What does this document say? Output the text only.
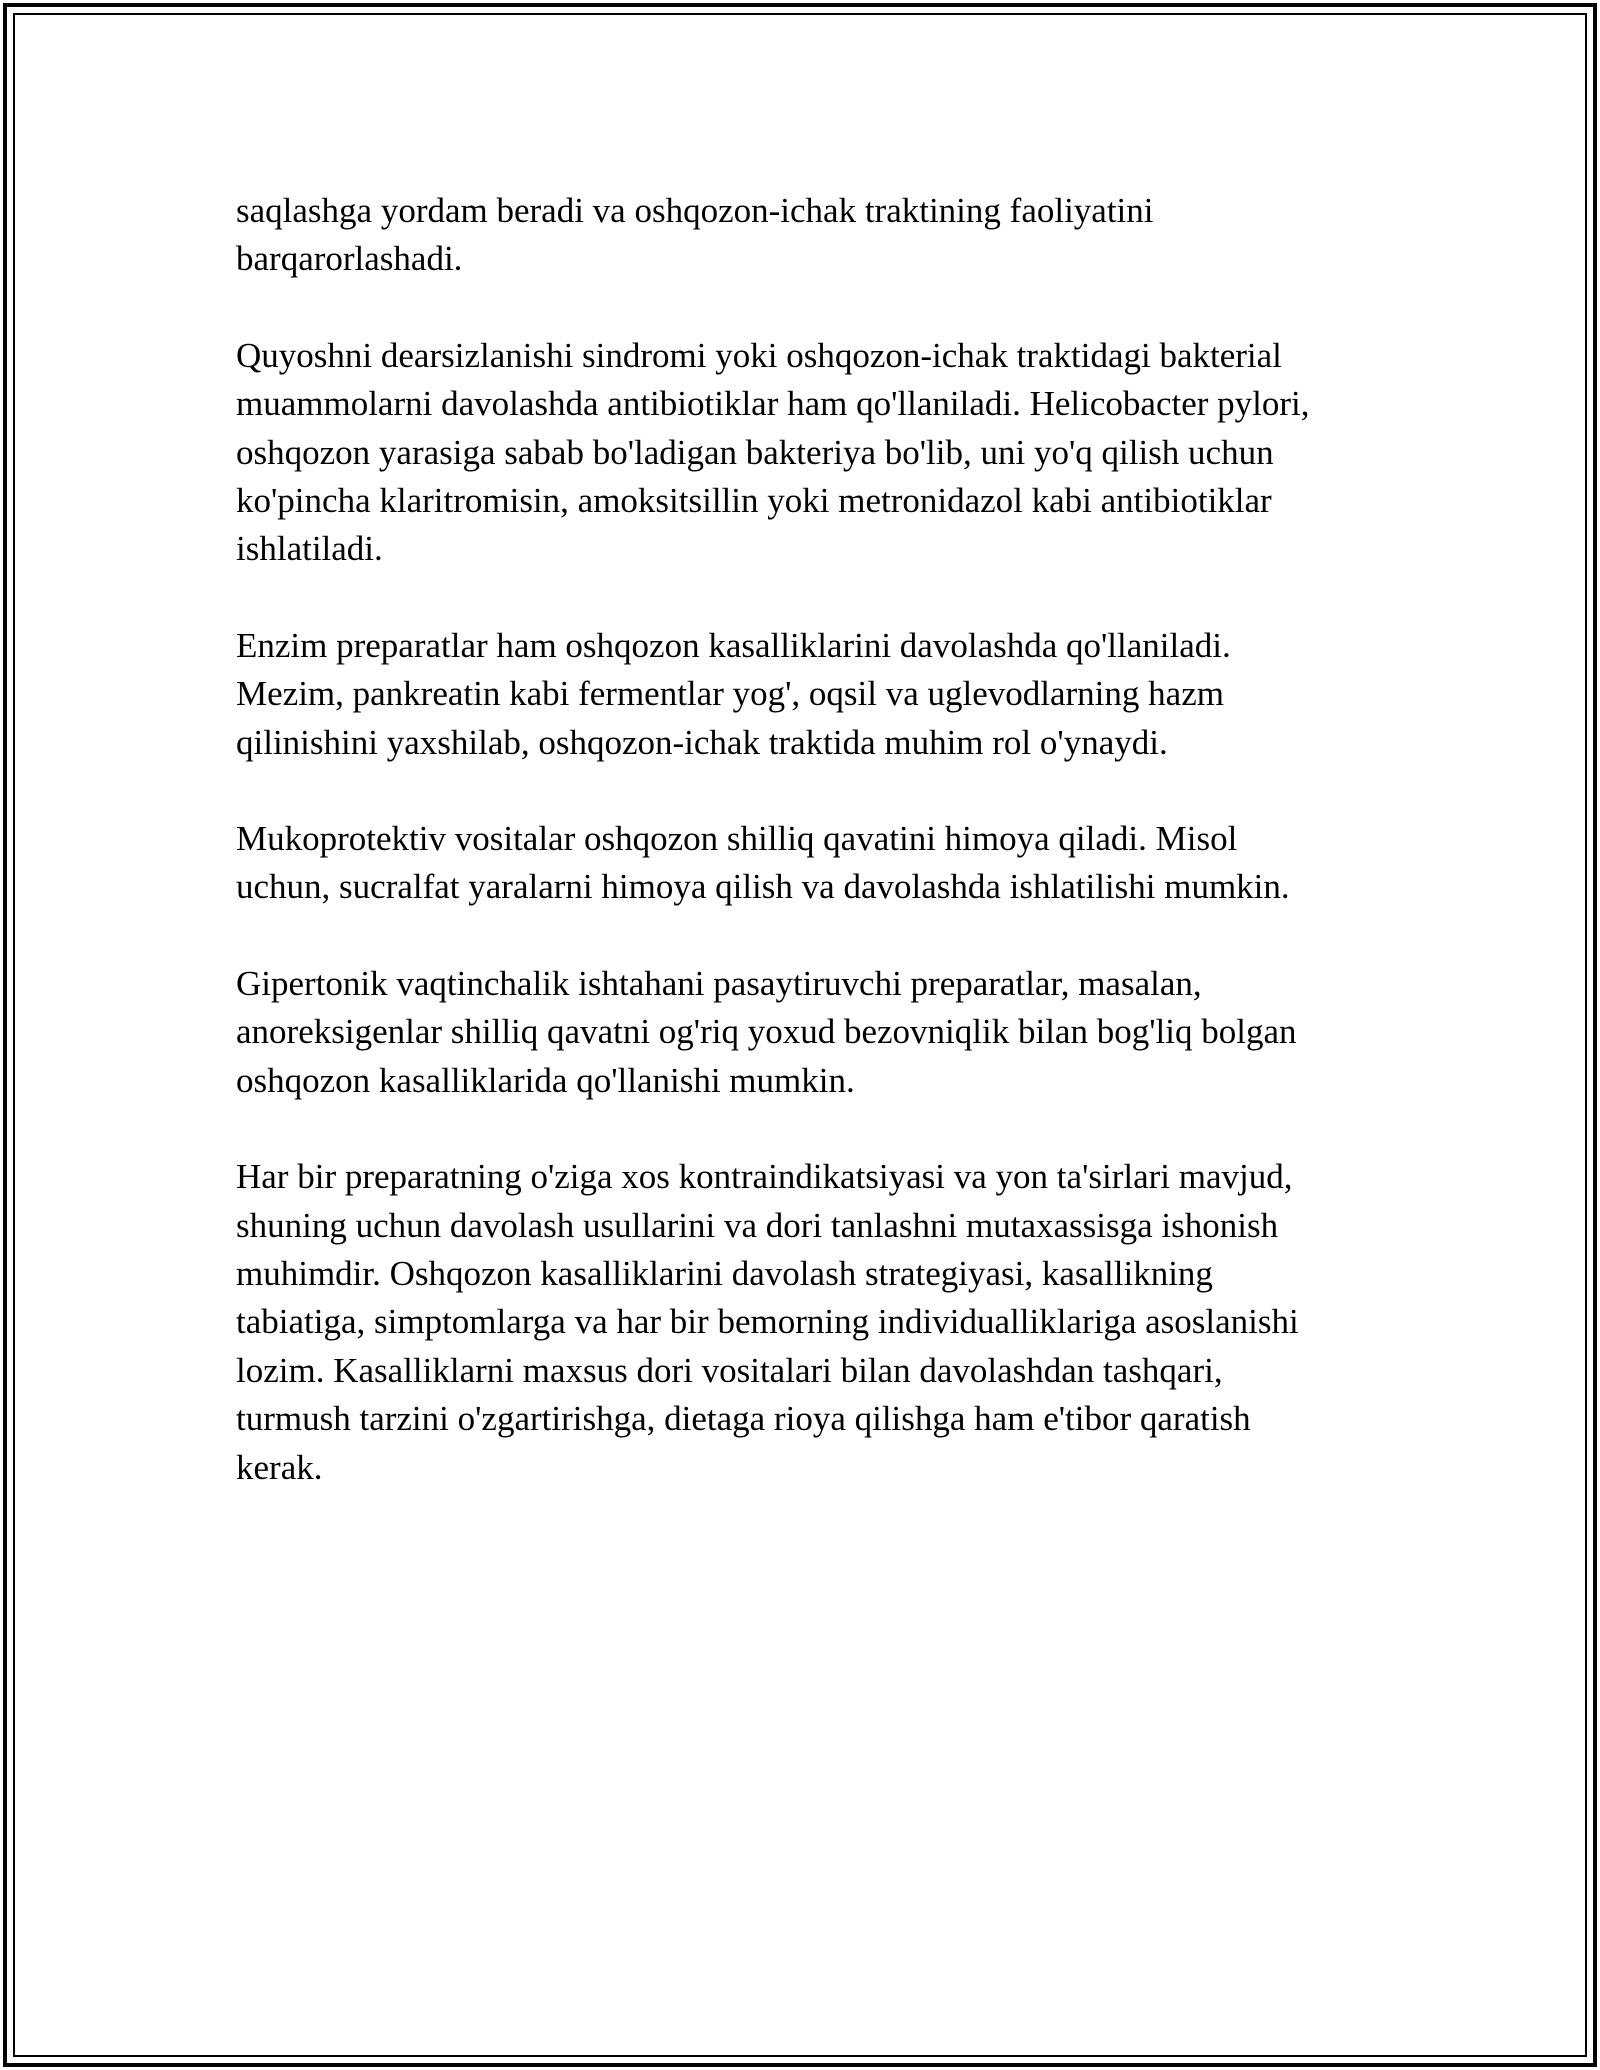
saqlashga yordam beradi va oshqozon-ichak traktining faoliyatini
barqarorlashadi.

Quyoshni dearsizlanishi sindromi yoki oshqozon-ichak traktidagi bakterial
muammolarni davolashda antibiotiklar ham qo'llaniladi. Helicobacter pylori,
oshqozon yarasiga sabab bo'ladigan bakteriya bo'lib, uni yo'q qilish uchun
ko'pincha klaritromisin, amoksitsillin yoki metronidazol kabi antibiotiklar
ishlatiladi.

Enzim preparatlar ham oshqozon kasalliklarini davolashda qo'llaniladi.
Mezim, pankreatin kabi fermentlar yog', oqsil va uglevodlarning hazm
qilinishini yaxshilab, oshqozon-ichak traktida muhim rol o'ynaydi.

Mukoprotektiv vositalar oshqozon shilliq qavatini himoya qiladi. Misol
uchun, sucralfat yaralarni himoya qilish va davolashda ishlatilishi mumkin.

Gipertonik vaqtinchalik ishtahani pasaytiruvchi preparatlar, masalan,
anoreksigenlar shilliq qavatni og'riq yoxud bezovniqlik bilan bog'liq bolgan
oshqozon kasalliklarida qo'llanishi mumkin.

Har bir preparatning o'ziga xos kontraindikatsiyasi va yon ta'sirlari mavjud,
shuning uchun davolash usullarini va dori tanlashni mutaxassisga ishonish
muhimdir. Oshqozon kasalliklarini davolash strategiyasi, kasallikning
tabiatiga, simptomlarga va har bir bemorning individualliklariga asoslanishi
lozim. Kasalliklarni maxsus dori vositalari bilan davolashdan tashqari,
turmush tarzini o'zgartirishga, dietaga rioya qilishga ham e'tibor qaratish
kerak.
